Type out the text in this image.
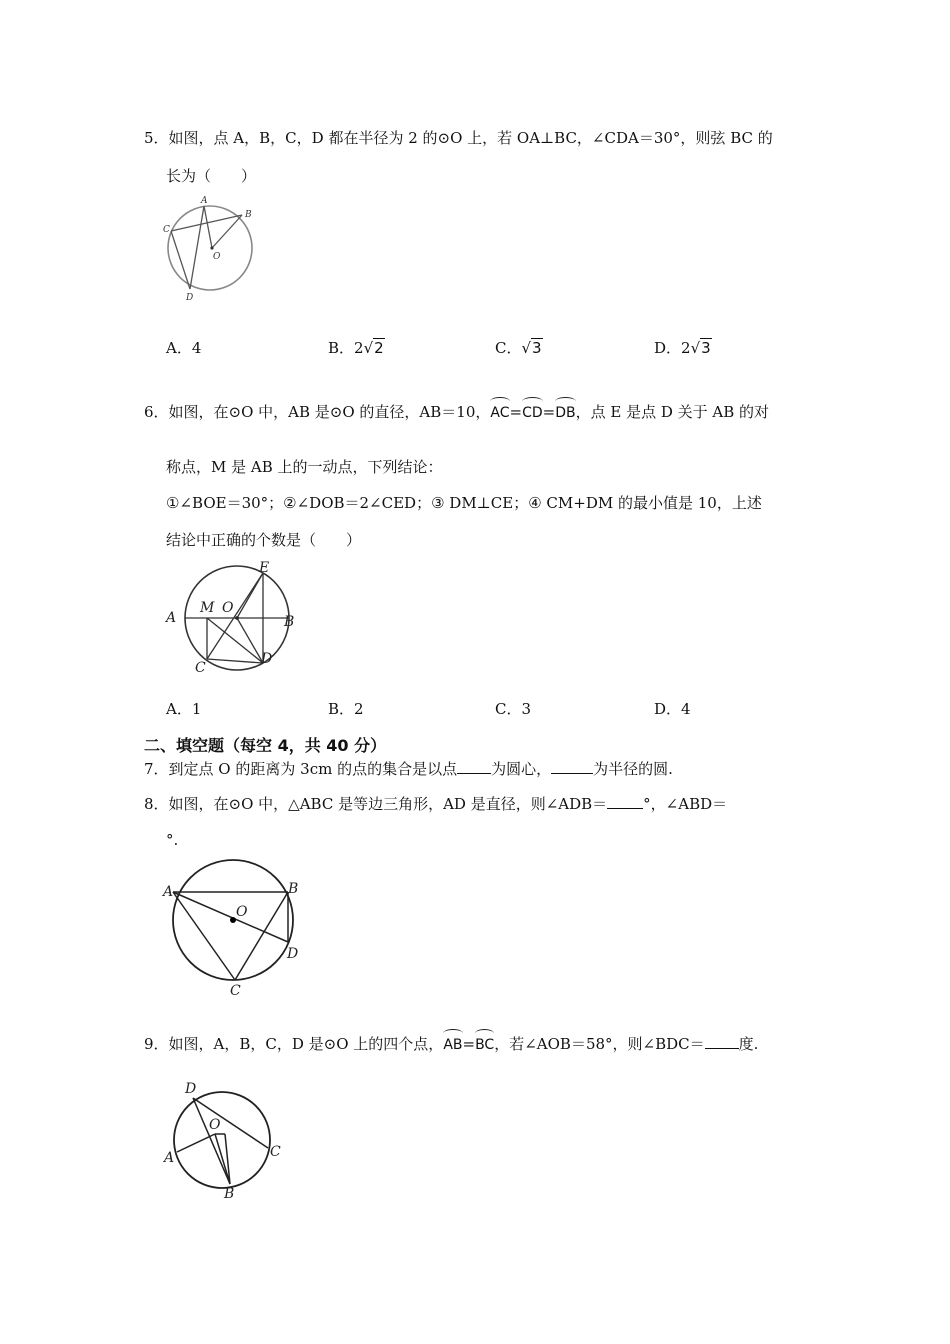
5．如图，点 A，B，C，D 都在半径为 2 的⊙O 上，若 OA⊥BC，∠CDA＝30°，则弦 BC 的
长为（　　）
A
B
C
D
O
A．4	B．2√2	C．√3	D．2√3
6．如图，在⊙O 中，AB 是⊙O 的直径，AB＝10，AC=CD=DB，点 E 是点 D 关于 AB 的对
称点，M 是 AB 上的一动点，下列结论：
①∠BOE＝30°；②∠DOB＝2∠CED；③ DM⊥CE；④ CM+DM 的最小值是 10，上述
结论中正确的个数是（　　）
A	B
C
D
E
M O
A．1	B．2	C．3	D．4
二、填空题（每空 4，共 40 分）
7．到定点 O 的距离为 3cm 的点的集合是以点 为圆心，	为半径的圆.
8．如图，在⊙O 中，△ABC 是等边三角形，AD 是直径，则∠ADB＝ °，∠ABD＝
°.
A	B
C
D
O
9．如图，A，B，C，D 是⊙O 上的四个点，AB=BC，若∠AOB＝58°，则∠BDC＝ 度.
D
O
A	C
B
